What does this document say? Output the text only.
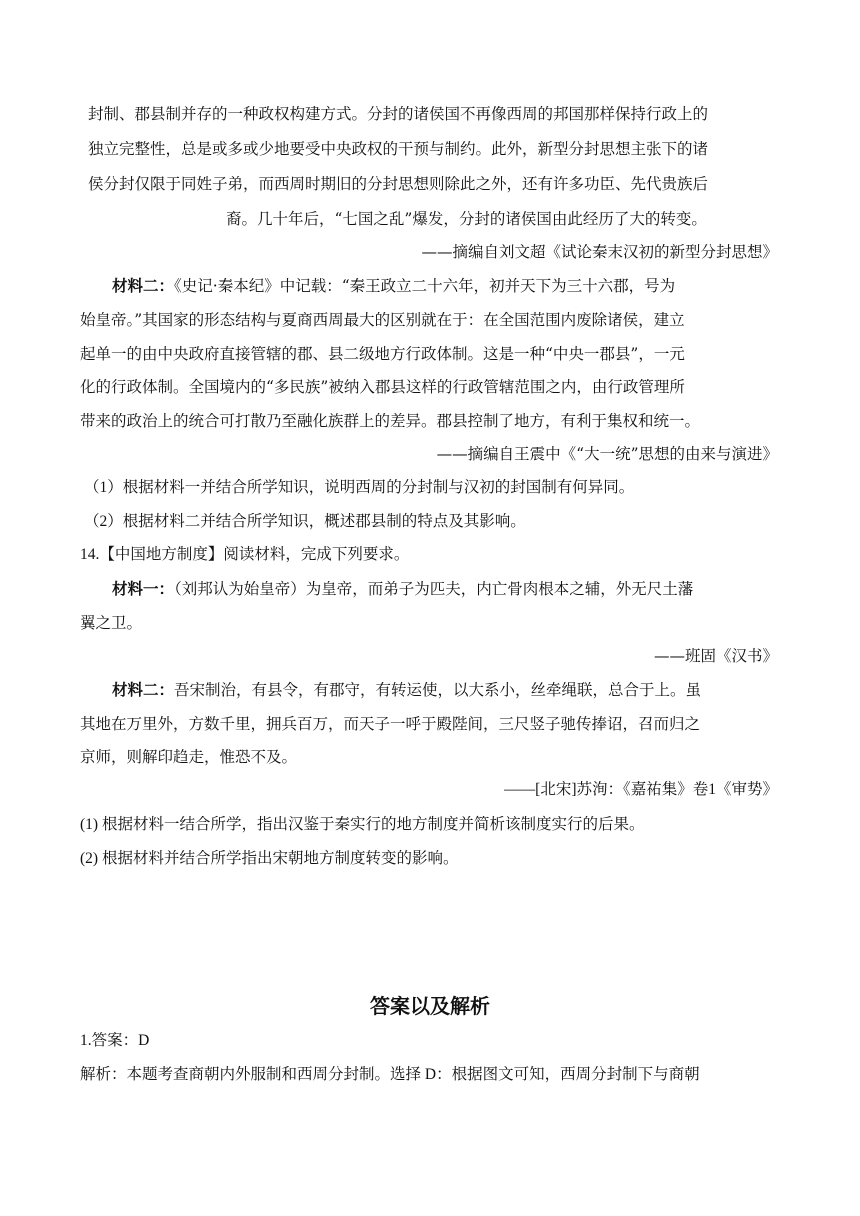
封制、郡县制并存的一种政权构建方式。分封的诸侯国不再像西周的邦国那样保持行政上的
独立完整性，总是或多或少地要受中央政权的干预与制约。此外，新型分封思想主张下的诸
侯分封仅限于同姓子弟，而西周时期旧的分封思想则除此之外，还有许多功臣、先代贵族后
裔。几十年后，“七国之乱”爆发，分封的诸侯国由此经历了大的转变。
——摘编自刘文超《试论秦末汉初的新型分封思想》
材料二：《史记·秦本纪》中记载：“秦王政立二十六年，初并天下为三十六郡，号为
始皇帝。”其国家的形态结构与夏商西周最大的区别就在于：在全国范围内废除诸侯，建立
起单一的由中央政府直接管辖的郡、县二级地方行政体制。这是一种“中央一郡县”，一元
化的行政体制。全国境内的“多民族”被纳入郡县这样的行政管辖范围之内，由行政管理所
带来的政治上的统合可打散乃至融化族群上的差异。郡县控制了地方，有利于集权和统一。
——摘编自王震中《“大一统”思想的由来与演进》
（1）根据材料一并结合所学知识，说明西周的分封制与汉初的封国制有何异同。
（2）根据材料二并结合所学知识，概述郡县制的特点及其影响。
14.【中国地方制度】阅读材料，完成下列要求。
材料一：（刘邦认为始皇帝）为皇帝，而弟子为匹夫，内亡骨肉根本之辅，外无尺土藩
翼之卫。
——班固《汉书》
材料二：吾宋制治，有县令，有郡守，有转运使，以大系小，丝牵绳联，总合于上。虽
其地在万里外，方数千里，拥兵百万，而天子一呼于殿陛间，三尺竖子驰传捧诏，召而归之
京师，则解印趋走，惟恐不及。
——[北宋]苏洵：《嘉祐集》卷1《审势》
(1) 根据材料一结合所学，指出汉鉴于秦实行的地方制度并简析该制度实行的后果。
(2) 根据材料并结合所学指出宋朝地方制度转变的影响。
答案以及解析
1.答案：D
解析：本题考查商朝内外服制和西周分封制。选择 D：根据图文可知，西周分封制下与商朝
